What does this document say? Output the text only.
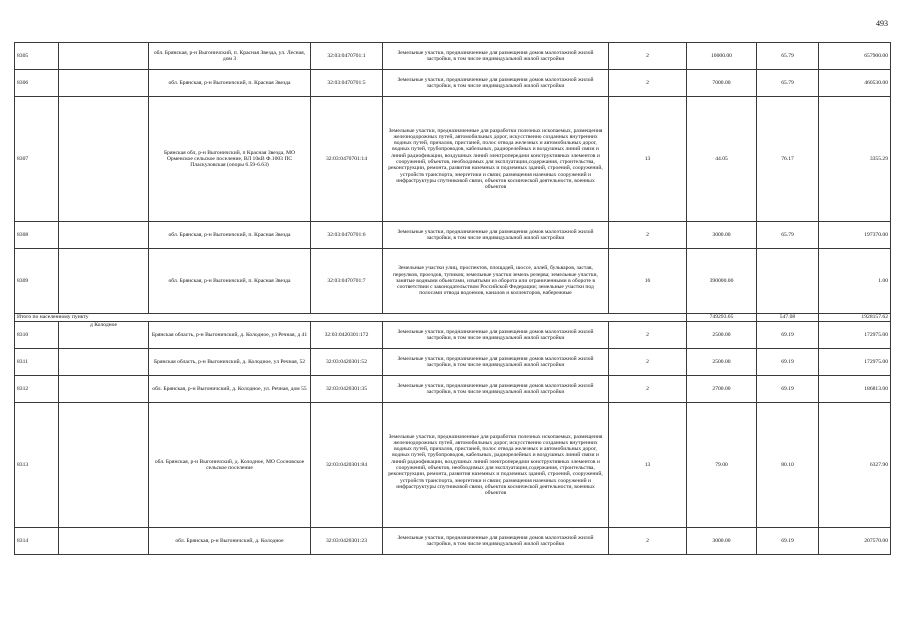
493
8305		обл. Брянская, р-н Выгоничский, п. Красная Звезда, ул. Лесная, дом 3	32:03:0470701:1	Земельные участки, предназначенные для размещения домов малоэтажной жилой застройки, в том числе индивидуальной жилой застройки	2	10000.00	65.79	657900.00
8306		обл. Брянская, р-н Выгоничский, п. Красная Звезда	32:03:0470701:5	Земельные участки, предназначенные для размещения домов малоэтажной жилой застройки, в том числе индивидуальной жилой застройки	2	7000.00	65.79	460530.00
8307		Брянская обл, р-н Выгоничский, п Красная Звезда, МО Орменское сельское поселение, ВЛ 10кВ Ф.1003 ПС Пласкуловская (опоры 6.59-6.63)	32:03:0470701:14	Земельные участки, предназначенные для разработки полезных ископаемых, размещения железнодорожных путей, автомобильных дорог, искусственно созданных внутренних водных путей, причалов, пристаней, полос отвода железных и автомобильных дорог, водных путей, трубопроводов, кабельных, радиорелейных и воздушных линий связи и линий радиофикации, воздушных линий электропередачи конструктивных элементов и сооружений, объектов, необходимых для эксплуатации,содержания, строительства, реконструкции, ремонта, развития наземных и подземных зданий, строений, сооружений, устройств транспорта, энергетики и связи; размещения наземных сооружений и инфраструктуры спутниковой связи, объектов космической деятельности, военных объектов	13	44.05	76.17	3355.29
8308		обл. Брянская, р-н Выгоничский, п. Красная Звезда	32:03:0470701:6	Земельные участки, предназначенные для размещения домов малоэтажной жилой застройки, в том числе индивидуальной жилой застройки	2	3000.00	65.79	197370.00
8309		обл. Брянская, р-н Выгоничский, п. Красная Звезда	32:03:0470701:7	Земельные участки улиц, проспектов, площадей, шоссе, аллей, бульваров, застав, переулков, проездов, тупиков; земельные участки земель резерва; земельные участки, занятые водными объектами, изъятыми из оборота или ограниченными в обороте в соответствии с законодательством Российской Федерации; земельные участки под полосами отвода водоемов, каналов и коллекторов, набережные	16	390000.00		1.00
Итого по населенному пункту						749293.05	547.08	1928157.62
8310	д Колодное	Брянская область, р-н Выгоничский, д. Колодное, ул Речная, д 41	32:03:0420301:172	Земельные участки, предназначенные для размещения домов малоэтажной жилой застройки, в том числе индивидуальной жилой застройки	2	2500.00	69.19	172975.00
8311		Брянская область, р-н Выгоничский, д. Колодное, ул Речная, 52	32:03:0420301:52	Земельные участки, предназначенные для размещения домов малоэтажной жилой застройки, в том числе индивидуальной жилой застройки	2	2500.00	69.19	172975.00
8312		обл. Брянская, р-н Выгоничский, д. Колодное, ул. Речная, дом 55	32:03:0420301:35	Земельные участки, предназначенные для размещения домов малоэтажной жилой застройки, в том числе индивидуальной жилой застройки	2	2700.00	69.19	186813.00
8313		обл. Брянская, р-н Выгоничский, д. Колодное, МО Сосновское сельское поселение	32:03:0420301:84	Земельные участки, предназначенные для разработки полезных ископаемых, размещения железнодорожных путей, автомобильных дорог, искусственно созданных внутренних водных путей, причалов, пристаней, полос отвода железных и автомобильных дорог, водных путей, трубопроводов, кабельных, радиорелейных и воздушных линий связи и линий радиофикации, воздушных линий электропередачи конструктивных элементов и сооружений, объектов, необходимых для эксплуатации,содержания, строительства, реконструкции, ремонта, развития наземных и подземных зданий, строений, сооружений, устройств транспорта, энергетики и связи; размещения наземных сооружений и инфраструктуры спутниковой связи, объектов космической деятельности, военных объектов	13	79.00	80.10	6327.90
8314		обл. Брянская, р-н Выгоничский, д. Колодное	32:03:0420301:23	Земельные участки, предназначенные для размещения домов малоэтажной жилой застройки, в том числе индивидуальной жилой застройки	2	3000.00	69.19	207570.00
